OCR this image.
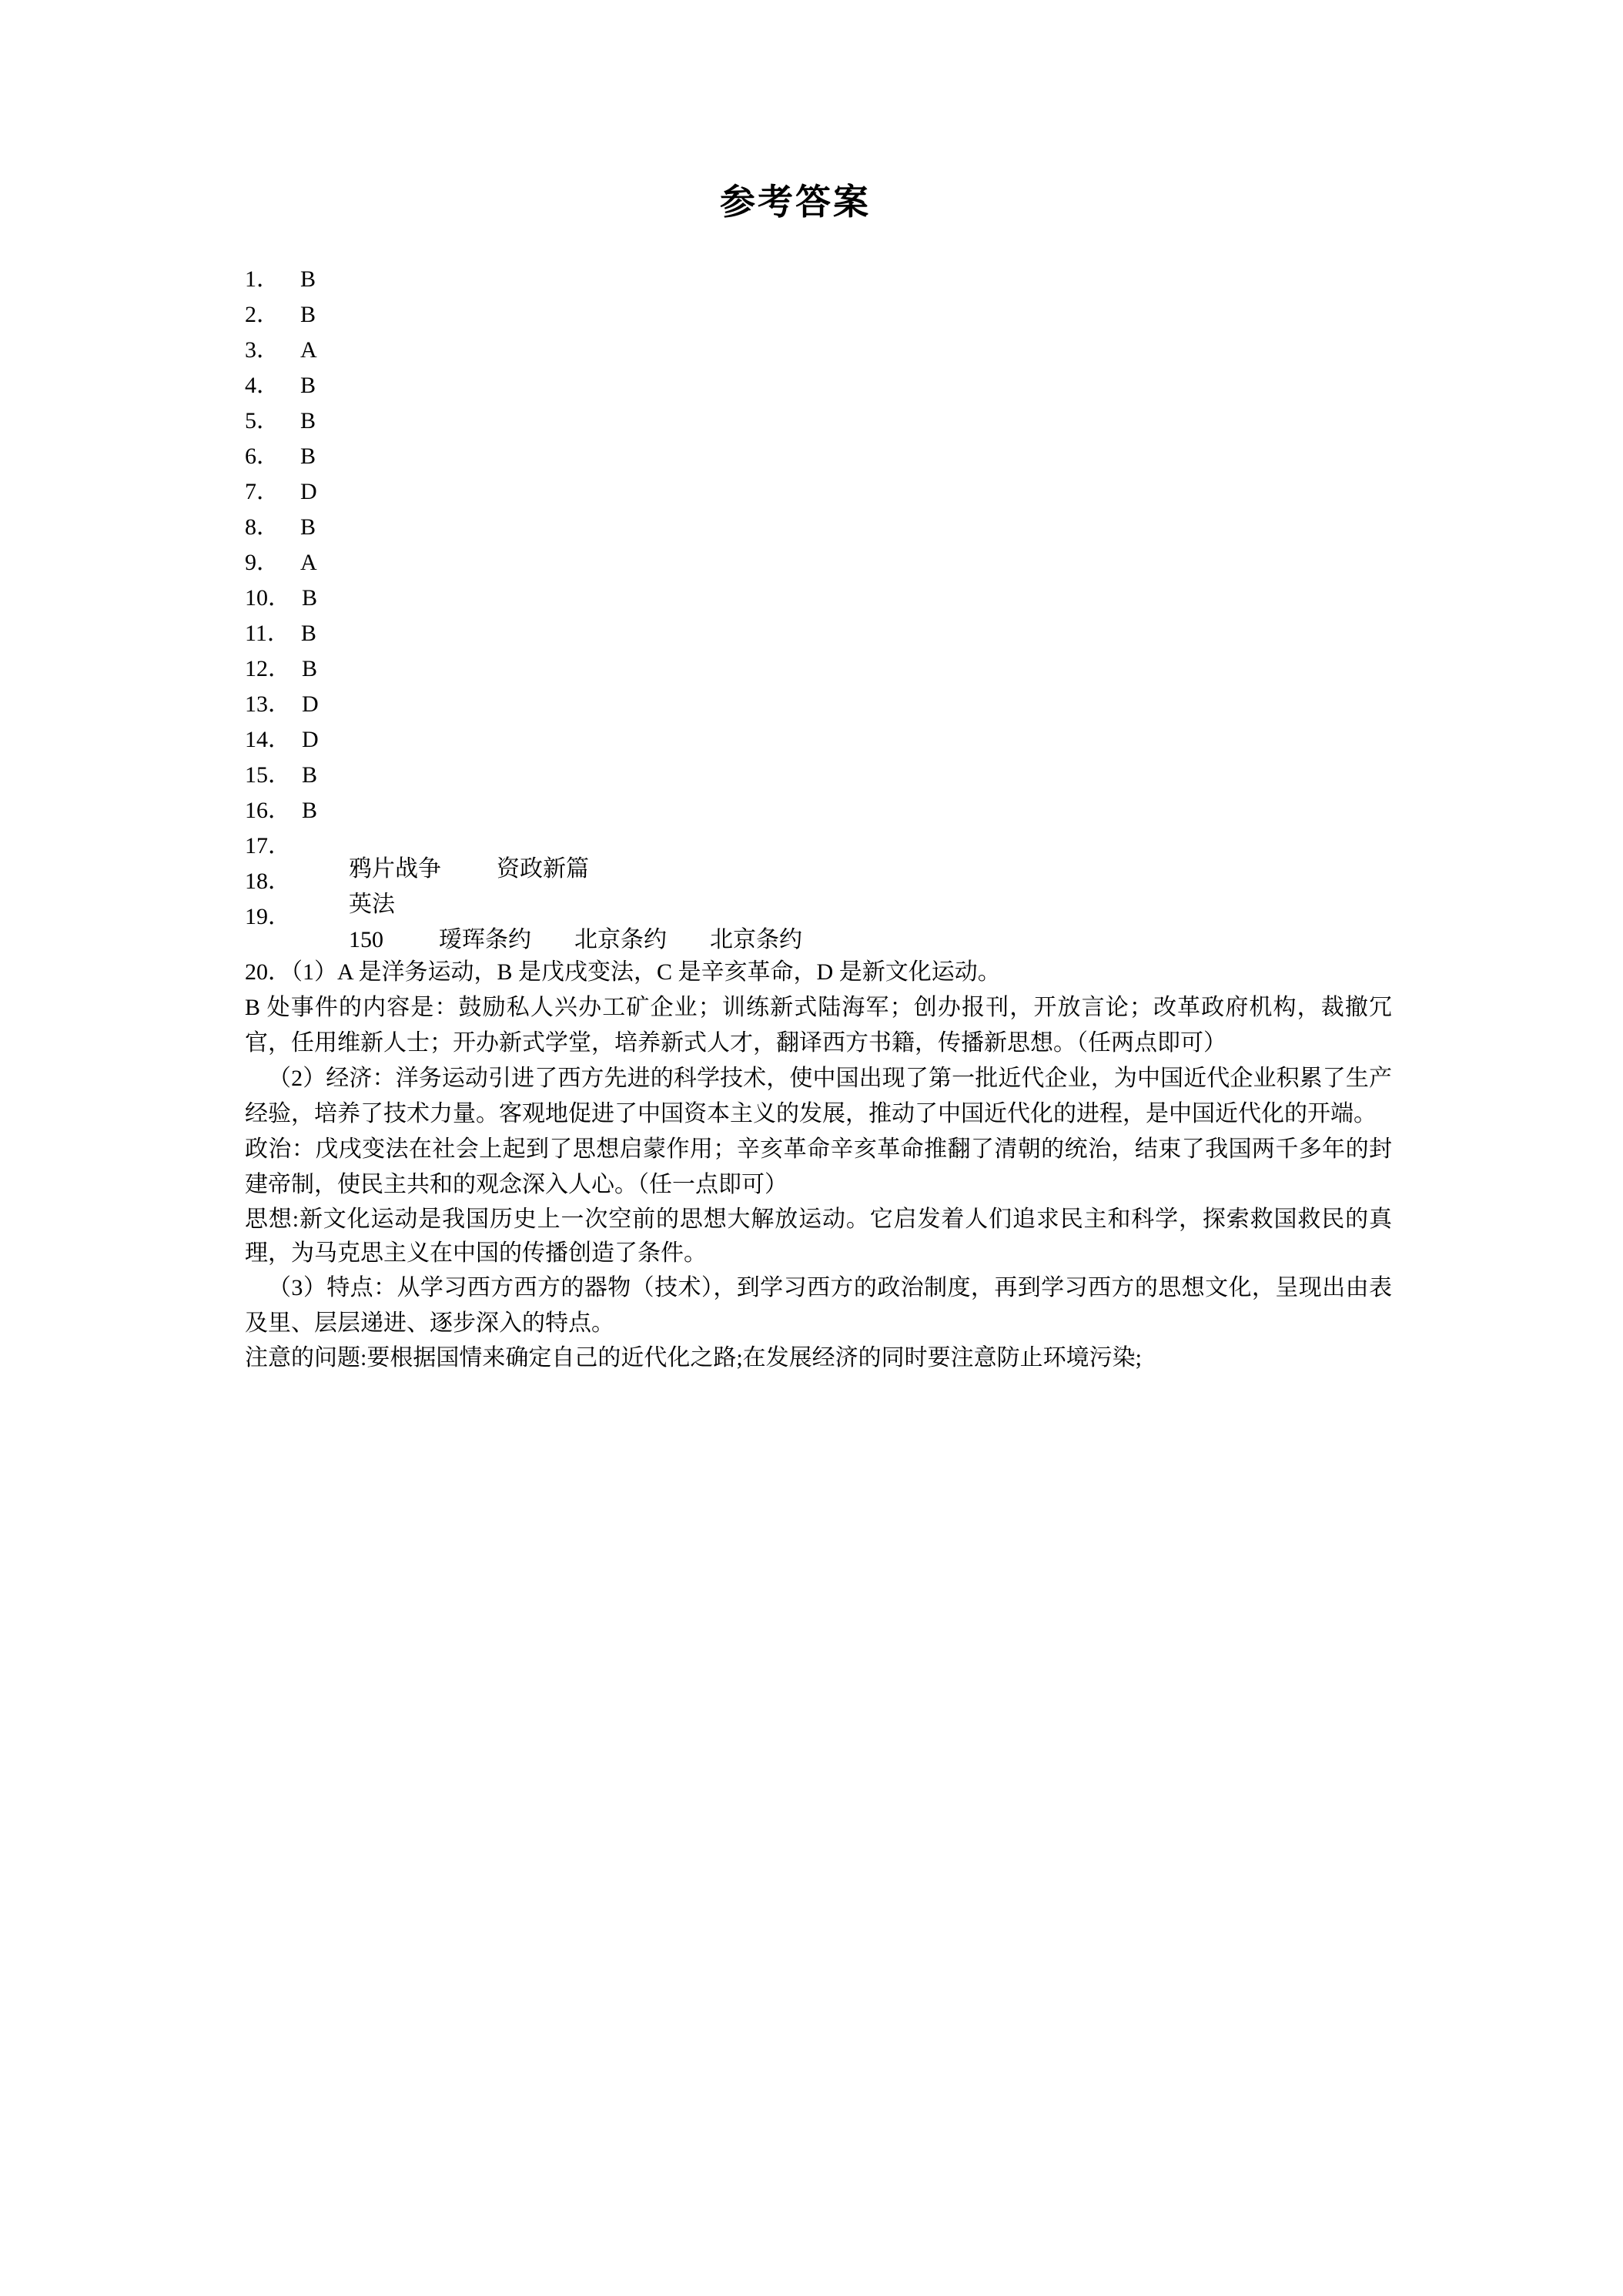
参考答案
1． B
2． B
3． A
4． B
5． B
6． B
7． D
8． B
9． A
10． B
11． B
12． B
13． D
14． D
15． B
16． B
17．

鸦片战争 资政新篇

18．

英法

19．

150 瑷珲条约 北京条约 北京条约

20．（1）A 是洋务运动，B 是戊戌变法，C 是辛亥革命，D 是新文化运动。

B 处事件的内容是：鼓励私人兴办工矿企业；训练新式陆海军；创办报刊，开放言论；改革政府机构，裁撤冗官，任用维新人士；开办新式学堂，培养新式人才，翻译西方书籍，传播新思想。（任两点即可）

（2）经济：洋务运动引进了西方先进的科学技术，使中国出现了第一批近代企业，为中国近代企业积累了生产经验，培养了技术力量。客观地促进了中国资本主义的发展，推动了中国近代化的进程，是中国近代化的开端。

政治：戊戌变法在社会上起到了思想启蒙作用；辛亥革命辛亥革命推翻了清朝的统治，结束了我国两千多年的封建帝制，使民主共和的观念深入人心。（任一点即可）

思想:新文化运动是我国历史上一次空前的思想大解放运动。它启发着人们追求民主和科学，探索救国救民的真理，为马克思主义在中国的传播创造了条件。

（3）特点：从学习西方西方的器物（技术），到学习西方的政治制度，再到学习西方的思想文化，呈现出由表及里、层层递进、逐步深入的特点。

注意的问题:要根据国情来确定自己的近代化之路;在发展经济的同时要注意防止环境污染;
